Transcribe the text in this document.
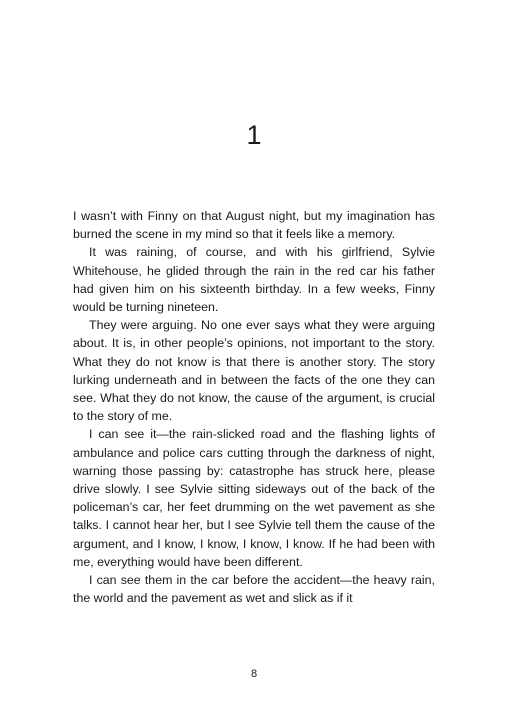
1

I wasn’t with Finny on that August night, but my imagination has burned the scene in my mind so that it feels like a memory.

It was raining, of course, and with his girlfriend, Sylvie Whitehouse, he glided through the rain in the red car his father had given him on his sixteenth birthday. In a few weeks, Finny would be turning nineteen.

They were arguing. No one ever says what they were arguing about. It is, in other people’s opinions, not important to the story. What they do not know is that there is another story. The story lurking underneath and in between the facts of the one they can see. What they do not know, the cause of the argument, is crucial to the story of me.

I can see it—the rain-slicked road and the flashing lights of ambulance and police cars cutting through the darkness of night, warning those passing by: catastrophe has struck here, please drive slowly. I see Sylvie sitting sideways out of the back of the policeman’s car, her feet drumming on the wet pavement as she talks. I cannot hear her, but I see Sylvie tell them the cause of the argument, and I know, I know, I know, I know. If he had been with me, everything would have been different.

I can see them in the car before the accident—the heavy rain, the world and the pavement as wet and slick as if it

8
